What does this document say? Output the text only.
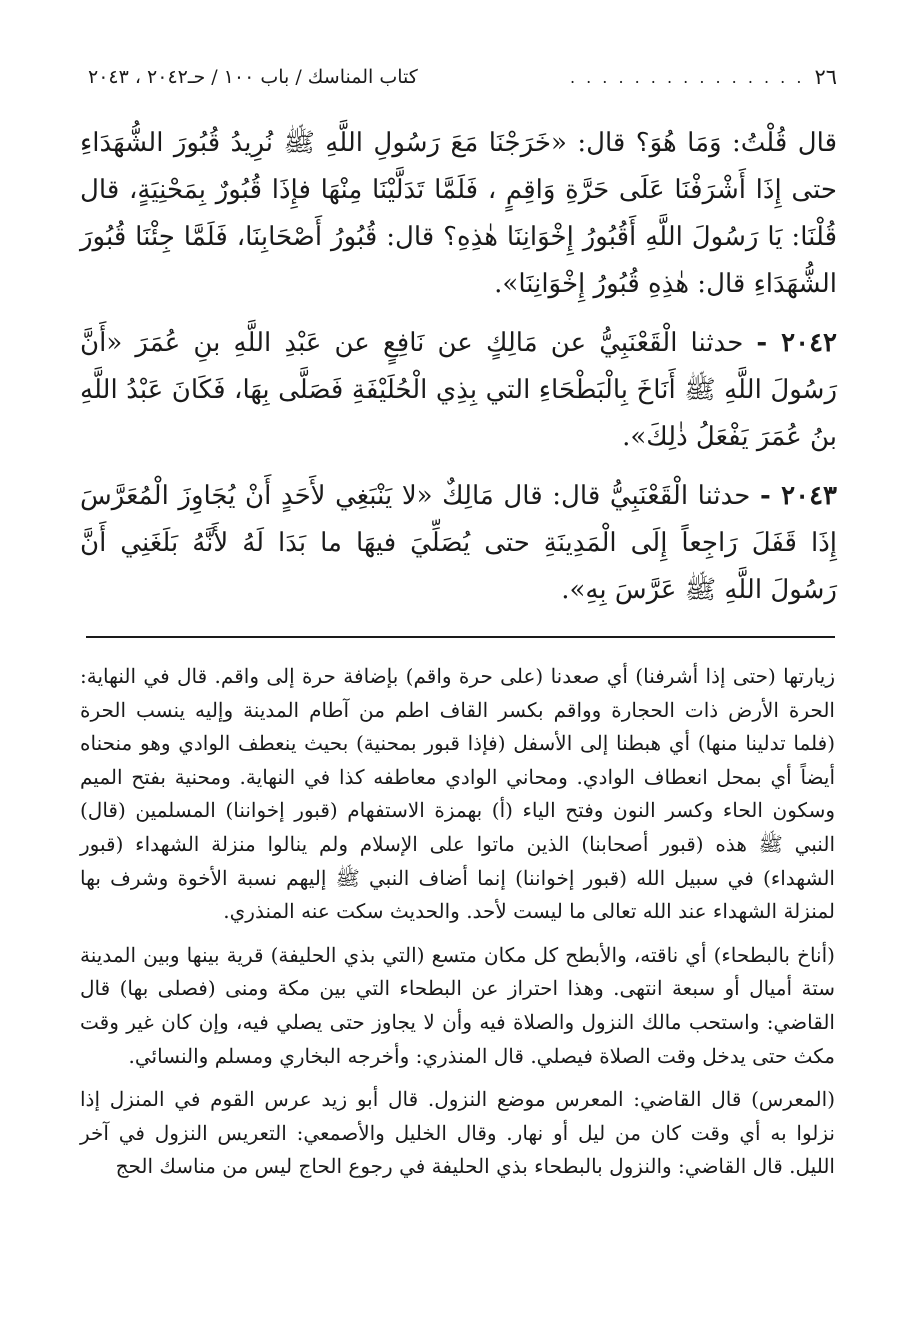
٢٦
. . . . . . . . . . . . . . .
كتاب المناسك / باب ١٠٠ / حـ٢٠٤٢ ، ٢٠٤٣

قال قُلْتُ: وَمَا هُوَ؟ قال: «خَرَجْنَا مَعَ رَسُولِ اللَّهِ ﷺ نُرِيدُ قُبُورَ الشُّهَدَاءِ حتى إِذَا أَشْرَفْنَا عَلَى حَرَّةِ وَاقِمٍ ، فَلَمَّا تَدَلَّيْنَا مِنْهَا فإِذَا قُبُورٌ بِمَحْنِيَةٍ، قال قُلْنَا: يَا رَسُولَ اللَّهِ أَقُبُورُ إِخْوَانِنَا هٰذِهِ؟ قال: قُبُورُ أَصْحَابِنَا، فَلَمَّا جِئْنَا قُبُورَ الشُّهَدَاءِ قال: هٰذِهِ قُبُورُ إِخْوَانِنَا».

٢٠٤٢ - حدثنا الْقَعْنَبِيُّ عن مَالِكٍ عن نَافِعٍ عن عَبْدِ اللَّهِ بنِ عُمَرَ «أَنَّ رَسُولَ اللَّهِ ﷺ أَنَاخَ بِالْبَطْحَاءِ التي بِذِي الْحُلَيْفَةِ فَصَلَّى بِهَا، فَكَانَ عَبْدُ اللَّهِ بنُ عُمَرَ يَفْعَلُ ذٰلِكَ».

٢٠٤٣ - حدثنا الْقَعْنَبِيُّ قال: قال مَالِكٌ «لا يَنْبَغِي لأَحَدٍ أَنْ يُجَاوِزَ الْمُعَرَّسَ إِذَا قَفَلَ رَاجِعاً إِلَى الْمَدِينَةِ حتى يُصَلِّيَ فيهَا ما بَدَا لَهُ لأَنَّهُ بَلَغَنِي أَنَّ رَسُولَ اللَّهِ ﷺ عَرَّسَ بِهِ».

زيارتها (حتى إذا أشرفنا) أي صعدنا (على حرة واقم) بإضافة حرة إلى واقم. قال في النهاية: الحرة الأرض ذات الحجارة وواقم بكسر القاف اطم من آطام المدينة وإليه ينسب الحرة (فلما تدلينا منها) أي هبطنا إلى الأسفل (فإذا قبور بمحنية) بحيث ينعطف الوادي وهو منحناه أيضاً أي بمحل انعطاف الوادي. ومحاني الوادي معاطفه كذا في النهاية. ومحنية بفتح الميم وسكون الحاء وكسر النون وفتح الياء (أ) بهمزة الاستفهام (قبور إخواننا) المسلمين (قال) النبي ﷺ هذه (قبور أصحابنا) الذين ماتوا على الإسلام ولم ينالوا منزلة الشهداء (قبور الشهداء) في سبيل الله (قبور إخواننا) إنما أضاف النبي ﷺ إليهم نسبة الأخوة وشرف بها لمنزلة الشهداء عند الله تعالى ما ليست لأحد. والحديث سكت عنه المنذري.

(أناخ بالبطحاء) أي ناقته، والأبطح كل مكان متسع (التي بذي الحليفة) قرية بينها وبين المدينة ستة أميال أو سبعة انتهى. وهذا احتراز عن البطحاء التي بين مكة ومنى (فصلى بها) قال القاضي: واستحب مالك النزول والصلاة فيه وأن لا يجاوز حتى يصلي فيه، وإن كان غير وقت مكث حتى يدخل وقت الصلاة فيصلي. قال المنذري: وأخرجه البخاري ومسلم والنسائي.

(المعرس) قال القاضي: المعرس موضع النزول. قال أبو زيد عرس القوم في المنزل إذا نزلوا به أي وقت كان من ليل أو نهار. وقال الخليل والأصمعي: التعريس النزول في آخر الليل. قال القاضي: والنزول بالبطحاء بذي الحليفة في رجوع الحاج ليس من مناسك الحج
